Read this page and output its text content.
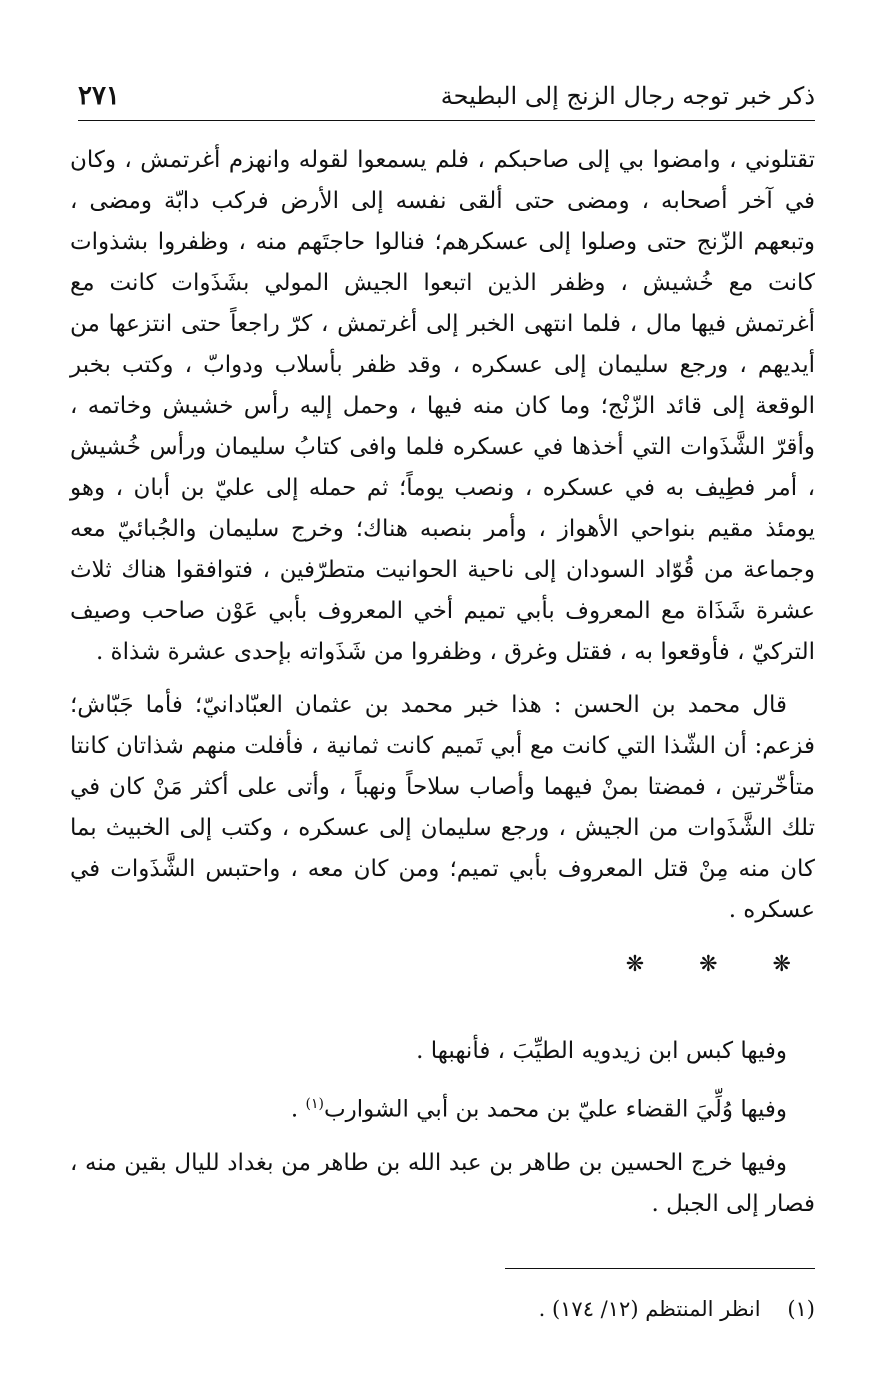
ذكر خبر توجه رجال الزنج إلى البطيحة
٢٧١

تقتلوني ، وامضوا بي إلى صاحبكم ، فلم يسمعوا لقوله وانهزم أغرتمش ، وكان في آخر أصحابه ، ومضى حتى ألقى نفسه إلى الأرض فركب دابّة ومضى ، وتبعهم الزّنج حتى وصلوا إلى عسكرهم؛ فنالوا حاجتَهم منه ، وظفروا بشذوات كانت مع خُشيش ، وظفر الذين اتبعوا الجيش المولي بشَذَوات كانت مع أغرتمش فيها مال ، فلما انتهى الخبر إلى أغرتمش ، كرّ راجعاً حتى انتزعها من أيديهم ، ورجع سليمان إلى عسكره ، وقد ظفر بأسلاب ودوابّ ، وكتب بخبر الوقعة إلى قائد الزّنْج؛ وما كان منه فيها ، وحمل إليه رأس خشيش وخاتمه ، وأقرّ الشَّذَوات التي أخذها في عسكره فلما وافى كتابُ سليمان ورأس خُشيش ، أمر فطِيف به في عسكره ، ونصب يوماً؛ ثم حمله إلى عليّ بن أبان ، وهو يومئذ مقيم بنواحي الأهواز ، وأمر بنصبه هناك؛ وخرج سليمان والجُبائيّ معه وجماعة من قُوّاد السودان إلى ناحية الحوانيت متطرّفين ، فتوافقوا هناك ثلاث عشرة شَذَاة مع المعروف بأبي تميم أخي المعروف بأبي عَوْن صاحب وصيف التركيّ ، فأوقعوا به ، فقتل وغرق ، وظفروا من شَذَواته بإحدى عشرة شذاة .

قال محمد بن الحسن : هذا خبر محمد بن عثمان العبّادانيّ؛ فأما جَبّاش؛ فزعم: أن الشّذا التي كانت مع أبي تَميم كانت ثمانية ، فأفلت منهم شذاتان كانتا متأخّرتين ، فمضتا بمنْ فيهما وأصاب سلاحاً ونهباً ، وأتى على أكثر مَنْ كان في تلك الشَّذَوات من الجيش ، ورجع سليمان إلى عسكره ، وكتب إلى الخبيث بما كان منه مِنْ قتل المعروف بأبي تميم؛ ومن كان معه ، واحتبس الشَّذَوات في عسكره .

❋ ❋ ❋

وفيها كبس ابن زيدويه الطيِّبَ ، فأنهبها .

وفيها وُلِّيَ القضاء عليّ بن محمد بن أبي الشوارب$^{(١)}$ .

وفيها خرج الحسين بن طاهر بن عبد الله بن طاهر من بغداد لليال بقين منه ، فصار إلى الجبل .

(١) انظر المنتظم (١٢/ ١٧٤) .
